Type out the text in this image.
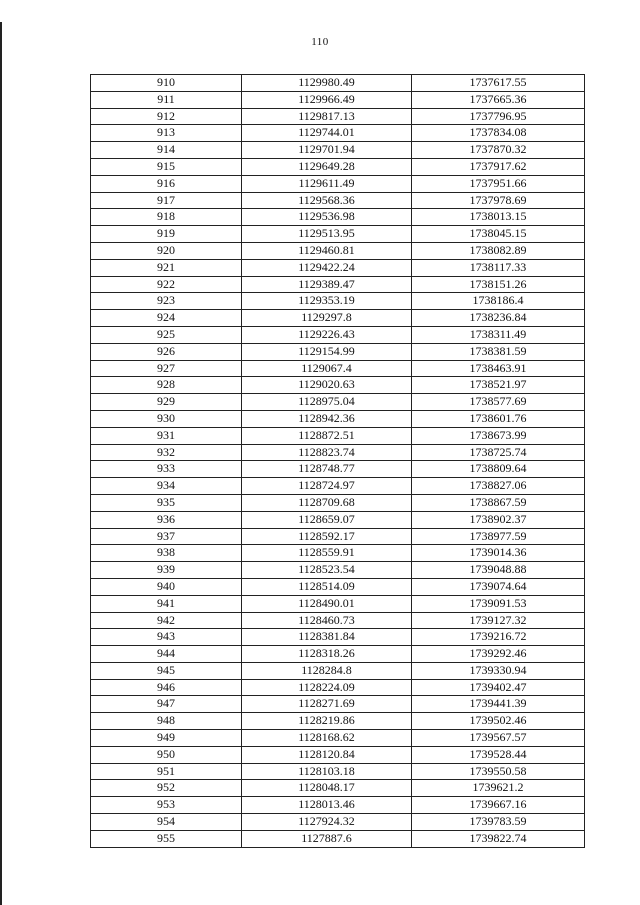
110
910	1129980.49	1737617.55
911	1129966.49	1737665.36
912	1129817.13	1737796.95
913	1129744.01	1737834.08
914	1129701.94	1737870.32
915	1129649.28	1737917.62
916	1129611.49	1737951.66
917	1129568.36	1737978.69
918	1129536.98	1738013.15
919	1129513.95	1738045.15
920	1129460.81	1738082.89
921	1129422.24	1738117.33
922	1129389.47	1738151.26
923	1129353.19	1738186.4
924	1129297.8	1738236.84
925	1129226.43	1738311.49
926	1129154.99	1738381.59
927	1129067.4	1738463.91
928	1129020.63	1738521.97
929	1128975.04	1738577.69
930	1128942.36	1738601.76
931	1128872.51	1738673.99
932	1128823.74	1738725.74
933	1128748.77	1738809.64
934	1128724.97	1738827.06
935	1128709.68	1738867.59
936	1128659.07	1738902.37
937	1128592.17	1738977.59
938	1128559.91	1739014.36
939	1128523.54	1739048.88
940	1128514.09	1739074.64
941	1128490.01	1739091.53
942	1128460.73	1739127.32
943	1128381.84	1739216.72
944	1128318.26	1739292.46
945	1128284.8	1739330.94
946	1128224.09	1739402.47
947	1128271.69	1739441.39
948	1128219.86	1739502.46
949	1128168.62	1739567.57
950	1128120.84	1739528.44
951	1128103.18	1739550.58
952	1128048.17	1739621.2
953	1128013.46	1739667.16
954	1127924.32	1739783.59
955	1127887.6	1739822.74
